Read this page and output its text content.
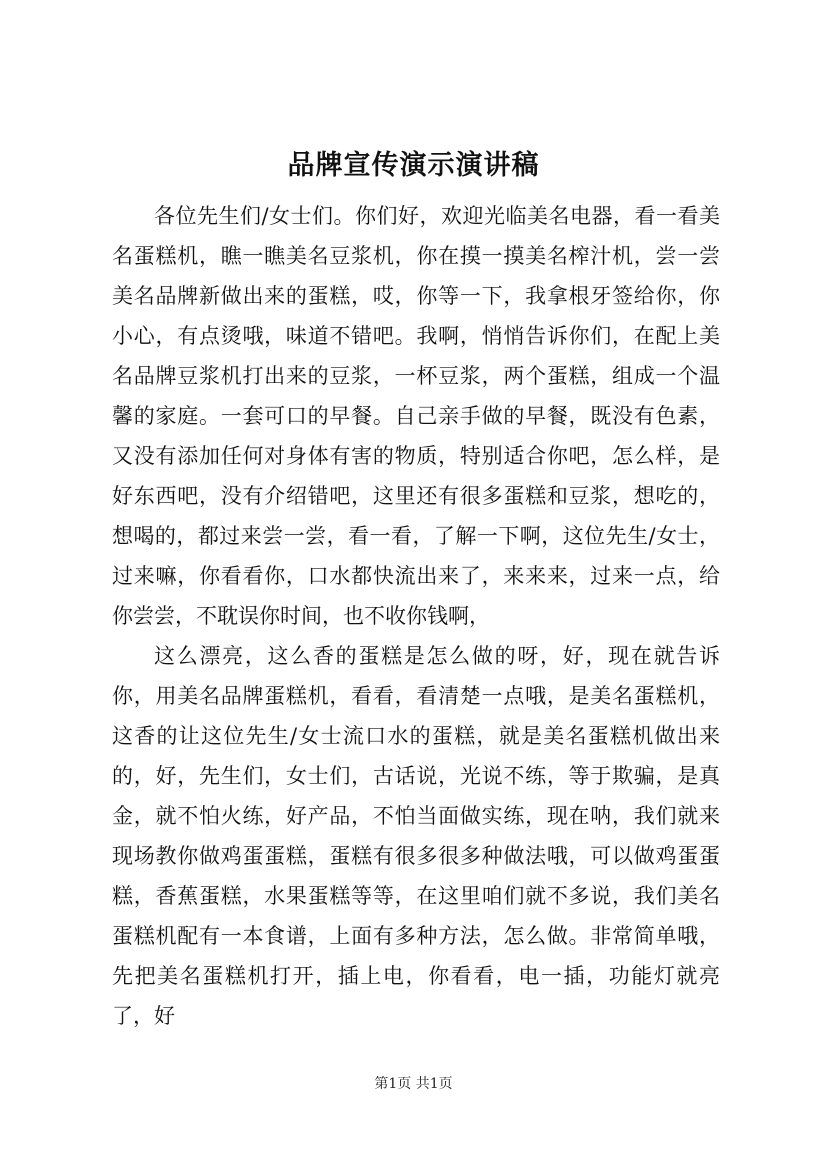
品牌宣传演示演讲稿

各位先生们/女士们。你们好，欢迎光临美名电器，看一看美名蛋糕机，瞧一瞧美名豆浆机，你在摸一摸美名榨汁机，尝一尝美名品牌新做出来的蛋糕，哎，你等一下，我拿根牙签给你，你小心，有点烫哦，味道不错吧。我啊，悄悄告诉你们，在配上美名品牌豆浆机打出来的豆浆，一杯豆浆，两个蛋糕，组成一个温馨的家庭。一套可口的早餐。自己亲手做的早餐，既没有色素，又没有添加任何对身体有害的物质，特别适合你吧，怎么样，是好东西吧，没有介绍错吧，这里还有很多蛋糕和豆浆，想吃的，想喝的，都过来尝一尝，看一看，了解一下啊，这位先生/女士，过来嘛，你看看你，口水都快流出来了，来来来，过来一点，给你尝尝，不耽误你时间，也不收你钱啊，

这么漂亮，这么香的蛋糕是怎么做的呀，好，现在就告诉你，用美名品牌蛋糕机，看看，看清楚一点哦，是美名蛋糕机，这香的让这位先生/女士流口水的蛋糕，就是美名蛋糕机做出来的，好，先生们，女士们，古话说，光说不练，等于欺骗，是真金，就不怕火练，好产品，不怕当面做实练，现在呐，我们就来现场教你做鸡蛋蛋糕，蛋糕有很多很多种做法哦，可以做鸡蛋蛋糕，香蕉蛋糕，水果蛋糕等等，在这里咱们就不多说，我们美名蛋糕机配有一本食谱，上面有多种方法，怎么做。非常简单哦，先把美名蛋糕机打开，插上电，你看看，电一插，功能灯就亮了，好

第1页 共1页
